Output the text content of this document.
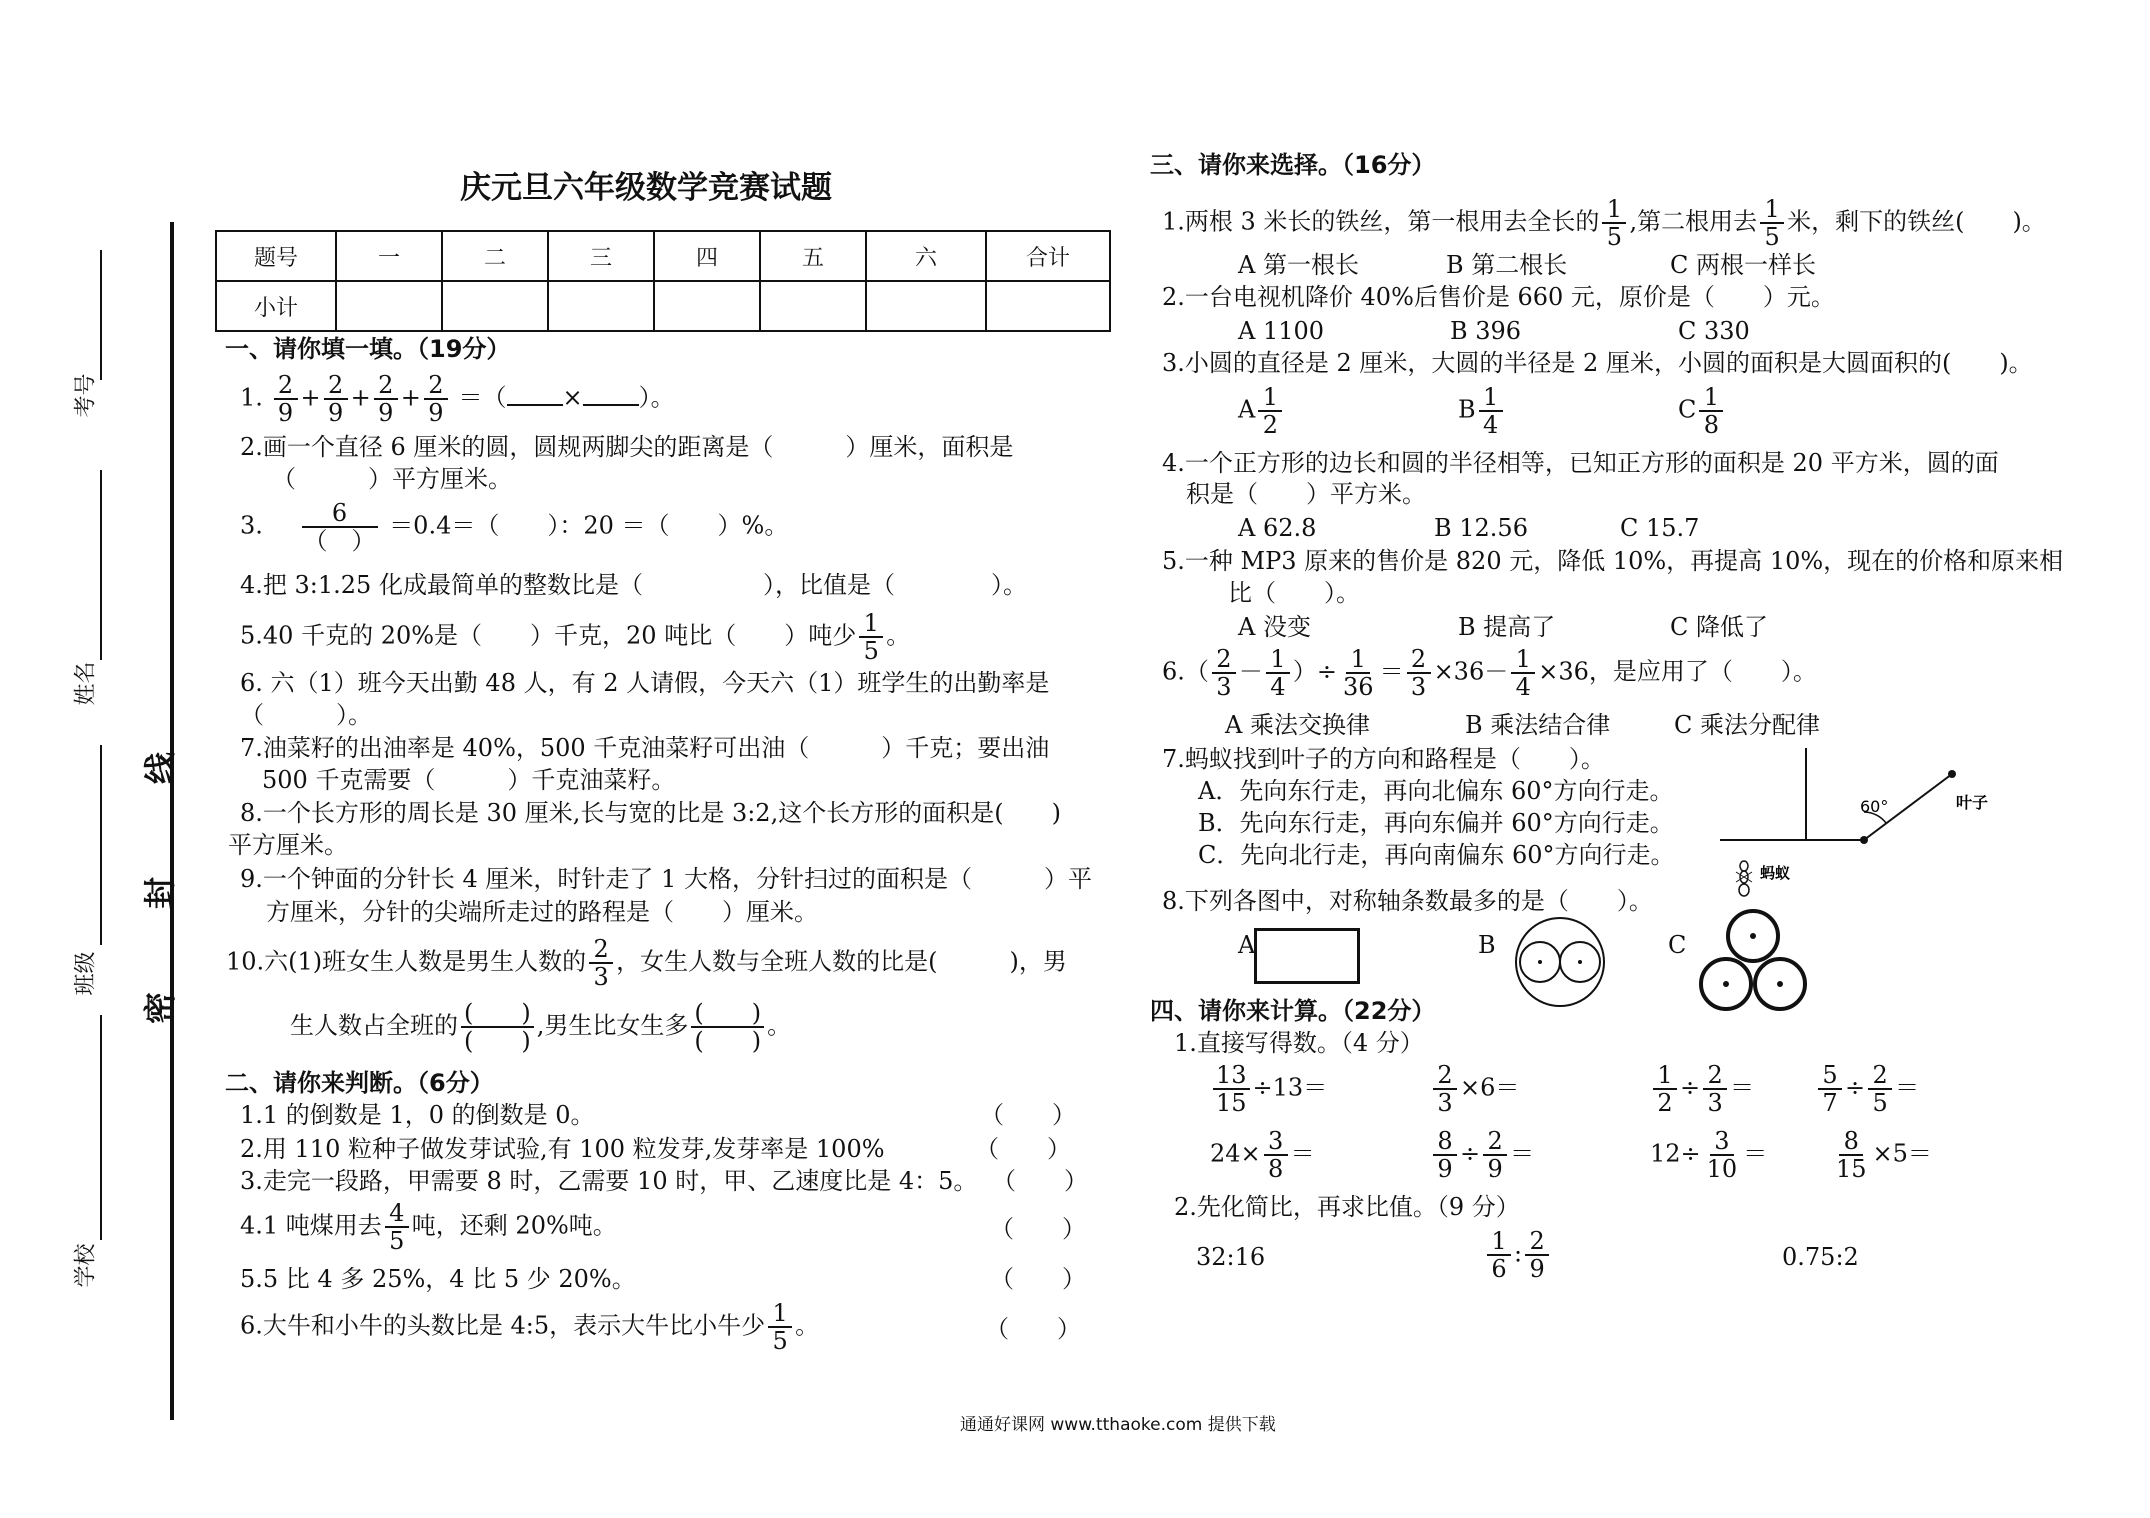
考号
姓名
班级
学校
线
封
密
庆元旦六年级数学竞赛试题
题号	一	二	三	四	五	六	合计
小计							
一、请你填一填。（19分）
1. $\frac{2}{9} + \frac{2}{9} + \frac{2}{9} + \frac{2}{9}$ ＝（ × ）。
2.画一个直径 6 厘米的圆，圆规两脚尖的距离是（　　　）厘米，面积是
（　　　）平方厘米。
3. $\frac{6}{( )} =0.4=$（　　）：20 ＝（　　）%。
4.把 3:1.25 化成最简单的整数比是（　　　　　），比值是（　　　　）。
5.40 千克的 20%是（　　）千克，20 吨比（　　）吨少 $\frac{1}{5}$ 。
6. 六（1）班今天出勤 48 人，有 2 人请假，今天六（1）班学生的出勤率是
（　　　）。
7.油菜籽的出油率是 40%，500 千克油菜籽可出油（　　　）千克；要出油
500 千克需要（　　　）千克油菜籽。
8.一个长方形的周长是 30 厘米,长与宽的比是 3:2,这个长方形的面积是(　　)
平方厘米。
9.一个钟面的分针长 4 厘米，时针走了 1 大格，分针扫过的面积是（　　　）平
方厘米，分针的尖端所走过的路程是（　　）厘米。
10.六(1)班女生人数是男生人数的 $\frac{2}{3}$ ，女生人数与全班人数的比是(　　　)，男
生人数占全班的 $\frac{( )}{( )}$ ,男生比女生多 $\frac{( )}{( )}$ 。
二、请你来判断。（6分）
1.1 的倒数是 1，0 的倒数是 0。	（　　）
2.用 110 粒种子做发芽试验,有 100 粒发芽,发芽率是 100%	（　　）
3.走完一段路，甲需要 8 时，乙需要 10 时，甲、乙速度比是 4：5。 （　　）
4.1 吨煤用去 $\frac{4}{5}$ 吨，还剩 20%吨。	（　　）
5.5 比 4 多 25%，4 比 5 少 20%。	（　　）
6.大牛和小牛的头数比是 4:5，表示大牛比小牛少 $\frac{1}{5}$ 。	（　　）
三、请你来选择。（16分）
1.两根 3 米长的铁丝，第一根用去全长的 $\frac{1}{5}$ ,第二根用去 $\frac{1}{5}$ 米，剩下的铁丝(　　)。
A 第一根长	B 第二根长	C 两根一样长
2.一台电视机降价 40%后售价是 660 元，原价是（　　）元。
A 1100	B 396	C 330
3.小圆的直径是 2 厘米，大圆的半径是 2 厘米，小圆的面积是大圆面积的(　　)。
A $\frac{1}{2}$	B $\frac{1}{4}$	C $\frac{1}{8}$
4.一个正方形的边长和圆的半径相等，已知正方形的面积是 20 平方米，圆的面
积是（　　）平方米。
A 62.8	B 12.56	C 15.7
5.一种 MP3 原来的售价是 820 元，降低 10%，再提高 10%，现在的价格和原来相
比（　　）。
A 没变	B 提高了	C 降低了
$6.( \frac{2}{3} - \frac{1}{4}$ ）÷ $\frac{1}{36} = \frac{2}{3} \times 36- \frac{1}{4} \times 36$，是应用了（　　）。
A 乘法交换律	B 乘法结合律	C 乘法分配律
7.蚂蚁找到叶子的方向和路程是（　　）。
A．先向东行走，再向北偏东 60°方向行走。
B．先向东行走，再向东偏并 60°方向行走。
C．先向北行走，再向南偏东 60°方向行走。
60°	叶子
蚂蚁
8.下列各图中，对称轴条数最多的是（　　）。
A	B	C
四、请你来计算。（22分）
1.直接写得数。（4 分）
$\frac{13}{15} \div 13=$	$\frac{2}{3} \times 6=$	$\frac{1}{2} \div \frac{2}{3}$ ＝	$\frac{5}{7} \div \frac{2}{5}$ ＝
$24\times \frac{3}{8}$ ＝	$\frac{8}{9} \div \frac{2}{9}$ ＝	$12\div \frac{3}{10}$ ＝	$\frac{8}{15} \times 5=$
2.先化简比，再求比值。（9 分）
32:16	$\frac{1}{6}$ : $\frac{2}{9}$	0.75:2
通通好课网 www.tthaoke.com 提供下载
